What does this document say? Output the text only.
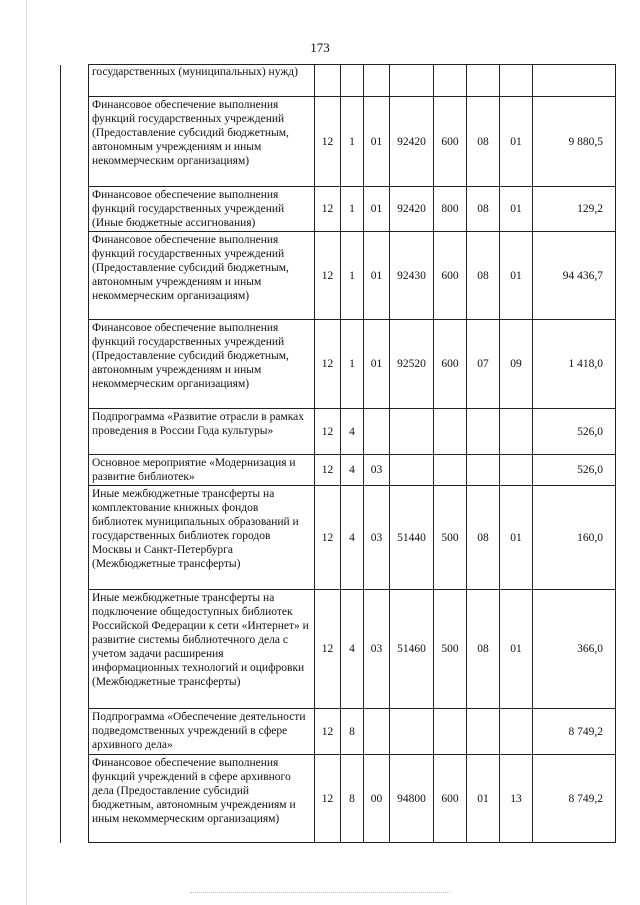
173
	государственных (муниципальных) нужд)								
	Финансовое обеспечение выполнения функций государственных учреждений (Предоставление субсидий бюджетным, автономным учреждениям и иным некоммерческим организациям)	12	1	01	92420	600	08	01	9 880,5
	Финансовое обеспечение выполнения функций государственных учреждений (Иные бюджетные ассигнования)	12	1	01	92420	800	08	01	129,2
	Финансовое обеспечение выполнения функций государственных учреждений (Предоставление субсидий бюджетным, автономным учреждениям и иным некоммерческим организациям)	12	1	01	92430	600	08	01	94 436,7
	Финансовое обеспечение выполнения функций государственных учреждений (Предоставление субсидий бюджетным, автономным учреждениям и иным некоммерческим организациям)	12	1	01	92520	600	07	09	1 418,0
	Подпрограмма «Развитие отрасли в рамках проведения в России Года культуры»	12	4						526,0
	Основное мероприятие «Модернизация и развитие библиотек»	12	4	03					526,0
	Иные межбюджетные трансферты на комплектование книжных фондов библиотек муниципальных образований и государственных библиотек городов Москвы и Санкт-Петербурга (Межбюджетные трансферты)	12	4	03	51440	500	08	01	160,0
	Иные межбюджетные трансферты на подключение общедоступных библиотек Российской Федерации к сети «Интернет» и развитие системы библиотечного дела с учетом задачи расширения информационных технологий и оцифровки (Межбюджетные трансферты)	12	4	03	51460	500	08	01	366,0
	Подпрограмма «Обеспечение деятельности подведомственных учреждений в сфере архивного дела»	12	8						8 749,2
	Финансовое обеспечение выполнения функций учреждений в сфере архивного дела (Предоставление субсидий бюджетным, автономным учреждениям и иным некоммерческим организациям)	12	8	00	94800	600	01	13	8 749,2
